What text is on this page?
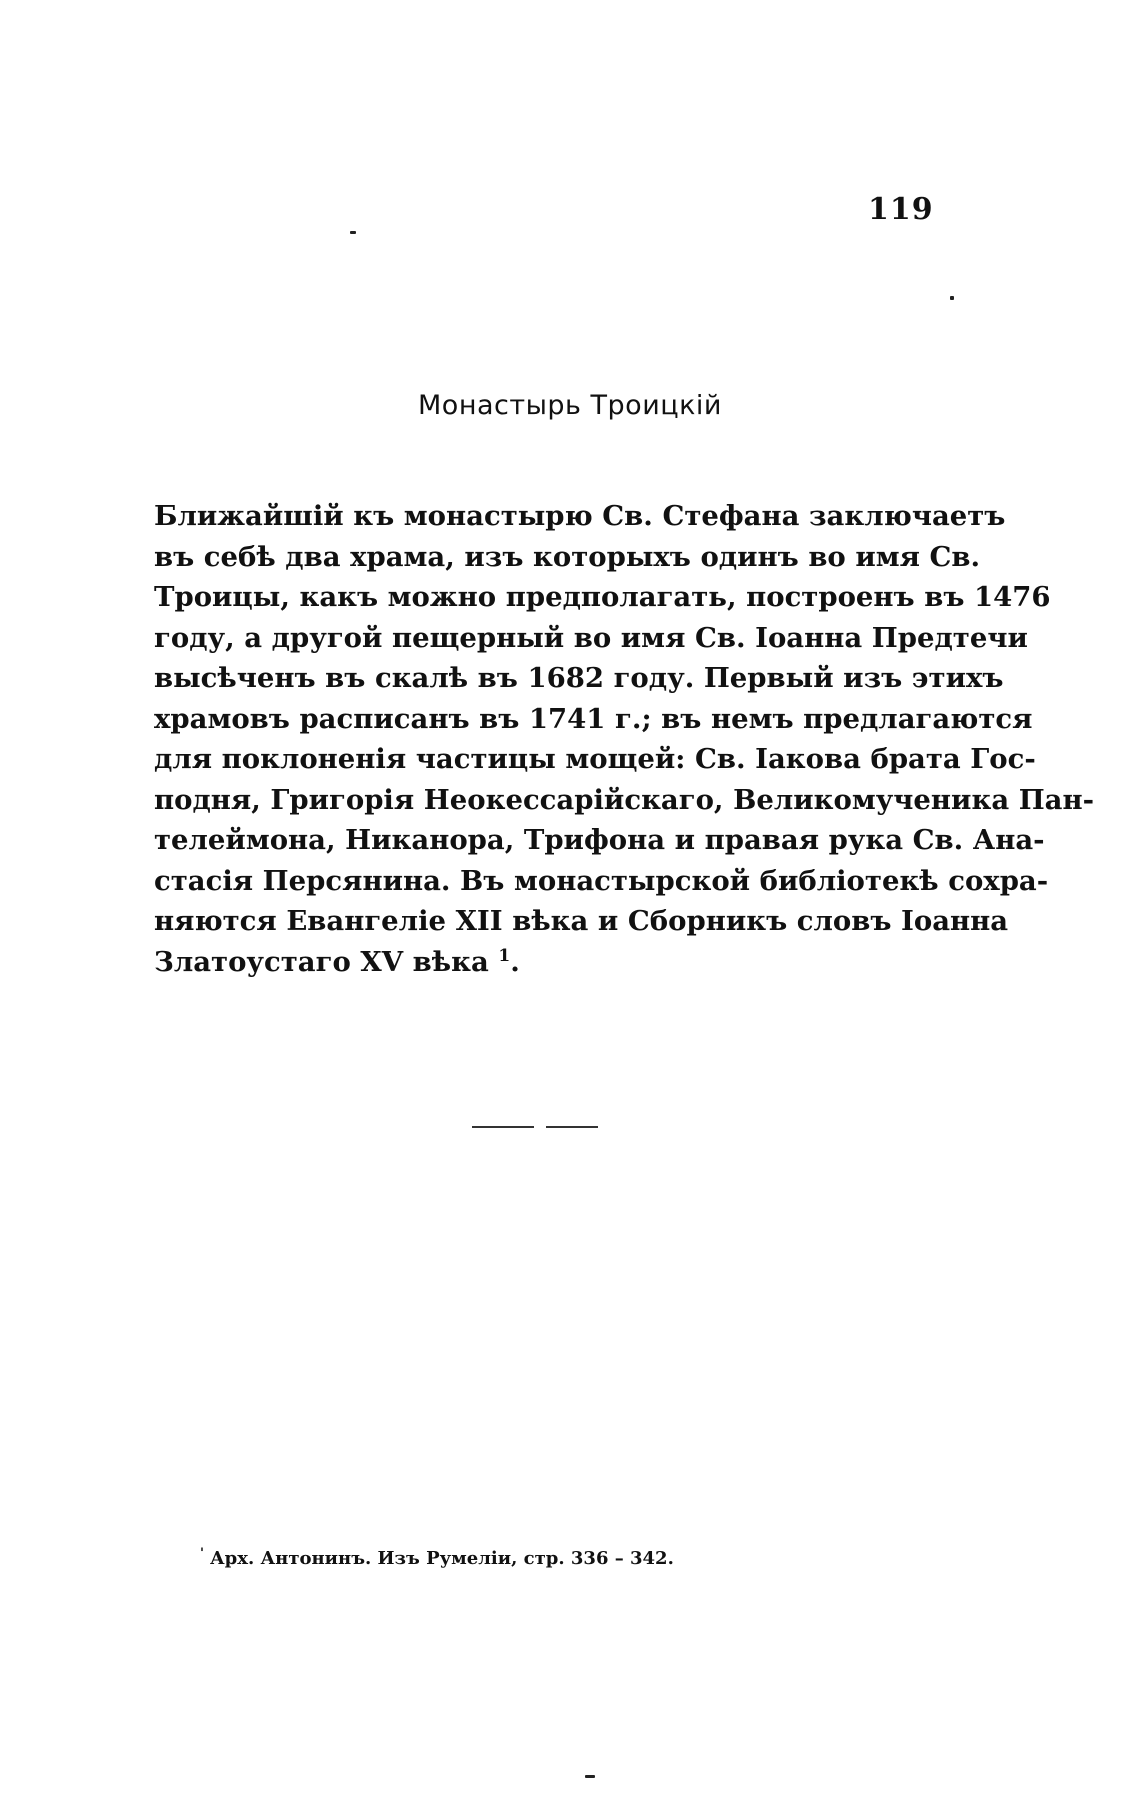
119
Монастырь Троицкій
Ближайшій къ монастырю Св. Стефана заключаетъ
въ себѣ два храма, изъ которыхъ одинъ во имя Св.
Троицы, какъ можно предполагать, построенъ въ 1476
году, а другой пещерный во имя Св. Іоанна Предтечи
высѣченъ въ скалѣ въ 1682 году. Первый изъ этихъ
храмовъ расписанъ въ 1741 г.; въ немъ предлагаются
для поклоненія частицы мощей: Св. Іакова брата Гос-
подня, Григорія Неокессарійскаго, Великомученика Пан-
телеймона, Никанора, Трифона и правая рука Св. Ана-
стасія Персянина. Въ монастырской библіотекѣ сохра-
няются Евангеліе XII вѣка и Сборникъ словъ Іоанна
Златоустаго XV вѣка $^1$.
' Арх. Антонинъ. Изъ Румеліи, стр. 336 – 342.
